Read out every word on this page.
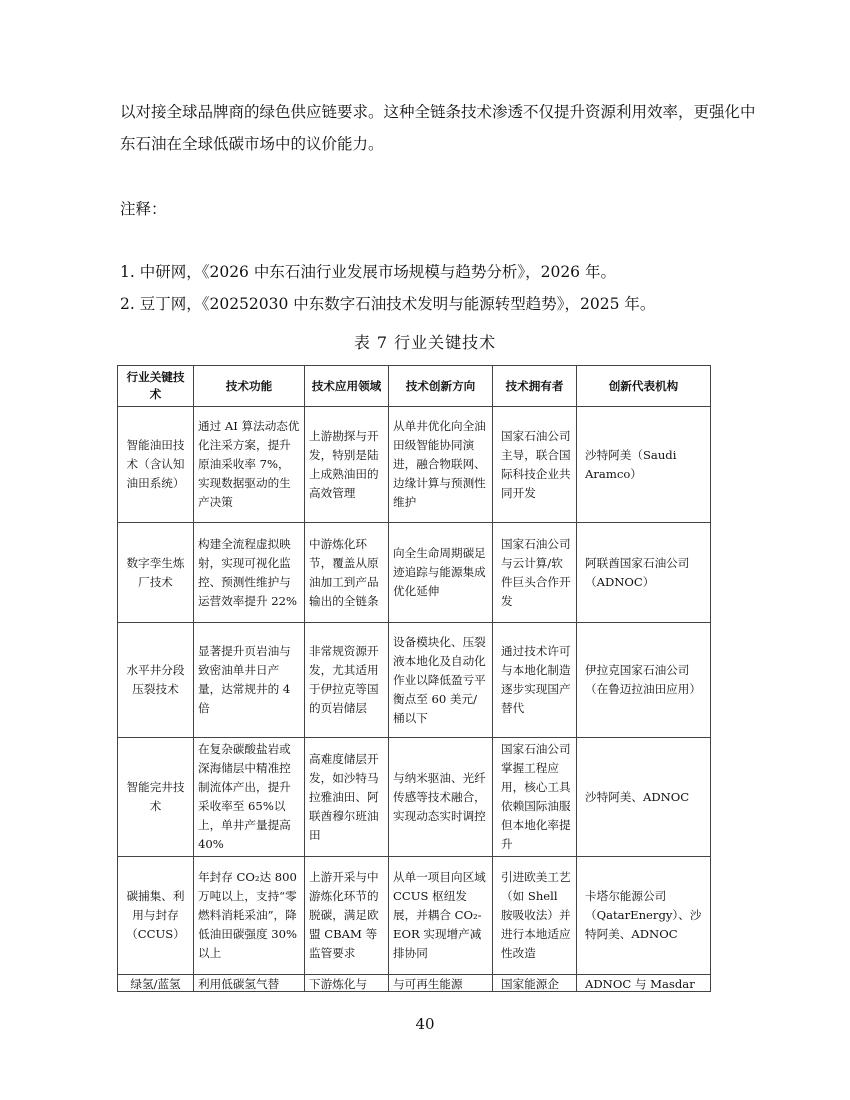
以对接全球品牌商的绿色供应链要求。这种全链条技术渗透不仅提升资源利用效率，更强化中东石油在全球低碳市场中的议价能力。

注释：

1. 中研网，《2026 中东石油行业发展市场规模与趋势分析》，2026 年。
2. 豆丁网，《20252030 中东数字石油技术发明与能源转型趋势》，2025 年。
表 7 行业关键技术
行业关键技术	技术功能	技术应用领域	技术创新方向	技术拥有者	创新代表机构
智能油田技术（含认知油田系统）	通过 AI 算法动态优化注采方案，提升原油采收率 7%，实现数据驱动的生产决策	上游勘探与开发，特别是陆上成熟油田的高效管理	从单井优化向全油田级智能协同演进，融合物联网、边缘计算与预测性维护	国家石油公司主导，联合国际科技企业共同开发	沙特阿美（Saudi Aramco）
数字孪生炼厂技术	构建全流程虚拟映射，实现可视化监控、预测性维护与运营效率提升 22%	中游炼化环节，覆盖从原油加工到产品输出的全链条	向全生命周期碳足迹追踪与能源集成优化延伸	国家石油公司与云计算/软件巨头合作开发	阿联酋国家石油公司（ADNOC）
水平井分段压裂技术	显著提升页岩油与致密油单井日产量，达常规井的 4 倍	非常规资源开发，尤其适用于伊拉克等国的页岩储层	设备模块化、压裂液本地化及自动化作业以降低盈亏平衡点至 60 美元/桶以下	通过技术许可与本地化制造逐步实现国产替代	伊拉克国家石油公司（在鲁迈拉油田应用）
智能完井技术	在复杂碳酸盐岩或深海储层中精准控制流体产出，提升采收率至 65%以上，单井产量提高 40%	高难度储层开发，如沙特马拉雅油田、阿联酋穆尔班油田	与纳米驱油、光纤传感等技术融合，实现动态实时调控	国家石油公司掌握工程应用，核心工具依赖国际油服但本地化率提升	沙特阿美、ADNOC
碳捕集、利用与封存（CCUS）	年封存 CO₂达 800 万吨以上，支持“零燃料消耗采油”，降低油田碳强度 30%以上	上游开采与中游炼化环节的脱碳，满足欧盟 CBAM 等监管要求	从单一项目向区域 CCUS 枢纽发展，并耦合 CO₂-EOR 实现增产减排协同	引进欧美工艺（如 Shell 胺吸收法）并进行本地适应性改造	卡塔尔能源公司（QatarEnergy）、沙特阿美、ADNOC
绿氢/蓝氢	利用低碳氢气替	下游炼化与	与可再生能源	国家能源企	ADNOC 与 Masdar
40
